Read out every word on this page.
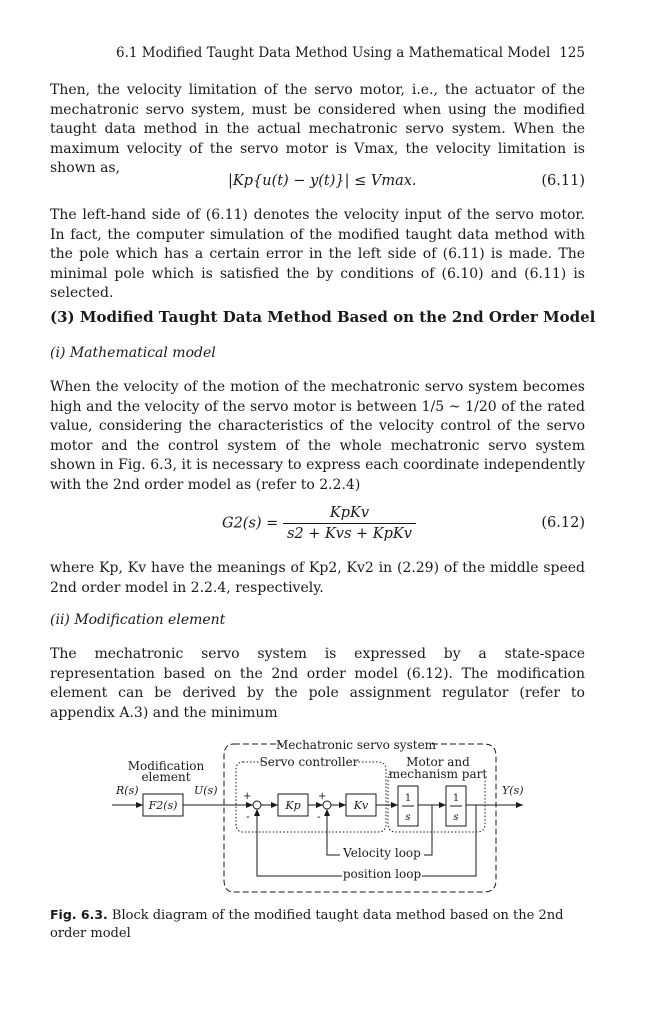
6.1 Modified Taught Data Method Using a Mathematical Model 125

Then, the velocity limitation of the servo motor, i.e., the actuator of the mechatronic servo system, must be considered when using the modified taught data method in the actual mechatronic servo system. When the maximum velocity of the servo motor is Vmax, the velocity limitation is shown as,

|Kp{u(t) − y(t)}| ≤ Vmax.	(6.11)

The left-hand side of (6.11) denotes the velocity input of the servo motor. In fact, the computer simulation of the modified taught data method with the pole which has a certain error in the left side of (6.11) is made. The minimal pole which is satisfied the by conditions of (6.10) and (6.11) is selected.

(3) Modified Taught Data Method Based on the 2nd Order Model
(i) Mathematical model

When the velocity of the motion of the mechatronic servo system becomes high and the velocity of the servo motor is between 1/5 ~ 1/20 of the rated value, considering the characteristics of the velocity control of the servo motor and the control system of the whole mechatronic servo system shown in Fig. 6.3, it is necessary to express each coordinate independently with the 2nd order model as (refer to 2.2.4)

$G2(s) = \frac{\text{KpKv}}{\text{s2 + Kvs + KpKv}}$	(6.12)

where Kp, Kv have the meanings of Kp2, Kv2 in (2.29) of the middle speed 2nd order model in 2.2.4, respectively.

(ii) Modification element

The mechatronic servo system is expressed by a state-space representation based on the 2nd order model (6.12). The modification element can be derived by the pole assignment regulator (refer to appendix A.3) and the minimum

Mechatronic servo system
Servo controller	Motor and
mechanism part
Modification
element
R(s)	U(s)	Y(s)
F2(s)	Kp	Kv
1
s
1
s
+
-
+
-
Velocity loop
position loop
Fig. 6.3. Block diagram of the modified taught data method based on the 2nd order model
